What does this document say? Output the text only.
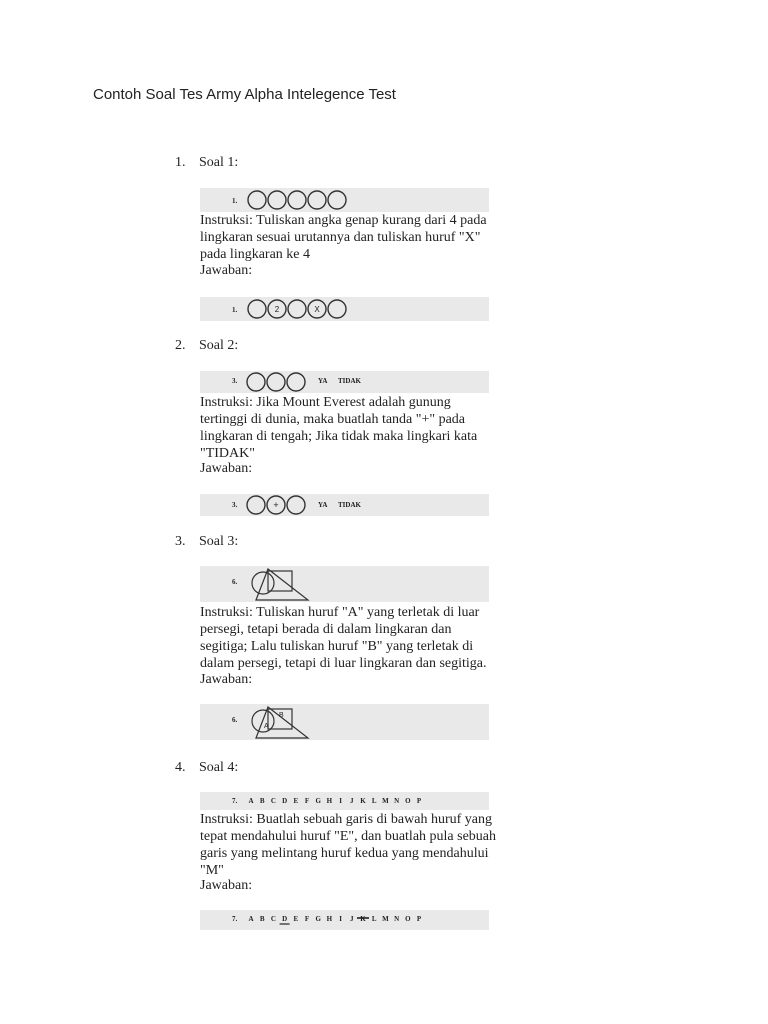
Contoh Soal Tes Army Alpha Intelegence Test
1. Soal 1:
1.
Instruksi: Tuliskan angka genap kurang dari 4 pada lingkaran sesuai urutannya dan tuliskan huruf "X" pada lingkaran ke 4
Jawaban:
1.	2	X
2. Soal 2:
3.	YA TIDAK
Instruksi: Jika Mount Everest adalah gunung tertinggi di dunia, maka buatlah tanda "+" pada lingkaran di tengah; Jika tidak maka lingkari kata "TIDAK"
Jawaban:
3.	+	YA TIDAK
3. Soal 3:
6.
Instruksi: Tuliskan huruf "A" yang terletak di luar persegi, tetapi berada di dalam lingkaran dan segitiga; Lalu tuliskan huruf "B" yang terletak di dalam persegi, tetapi di luar lingkaran dan segitiga.
Jawaban:
6.
A
B
4. Soal 4:
7. A B C D E F G H I J K L M N O P
Instruksi: Buatlah sebuah garis di bawah huruf yang tepat mendahului huruf "E", dan buatlah pula sebuah garis yang melintang huruf kedua yang mendahului "M"
Jawaban:
7. A B C D E F G H I J K L M N O P
